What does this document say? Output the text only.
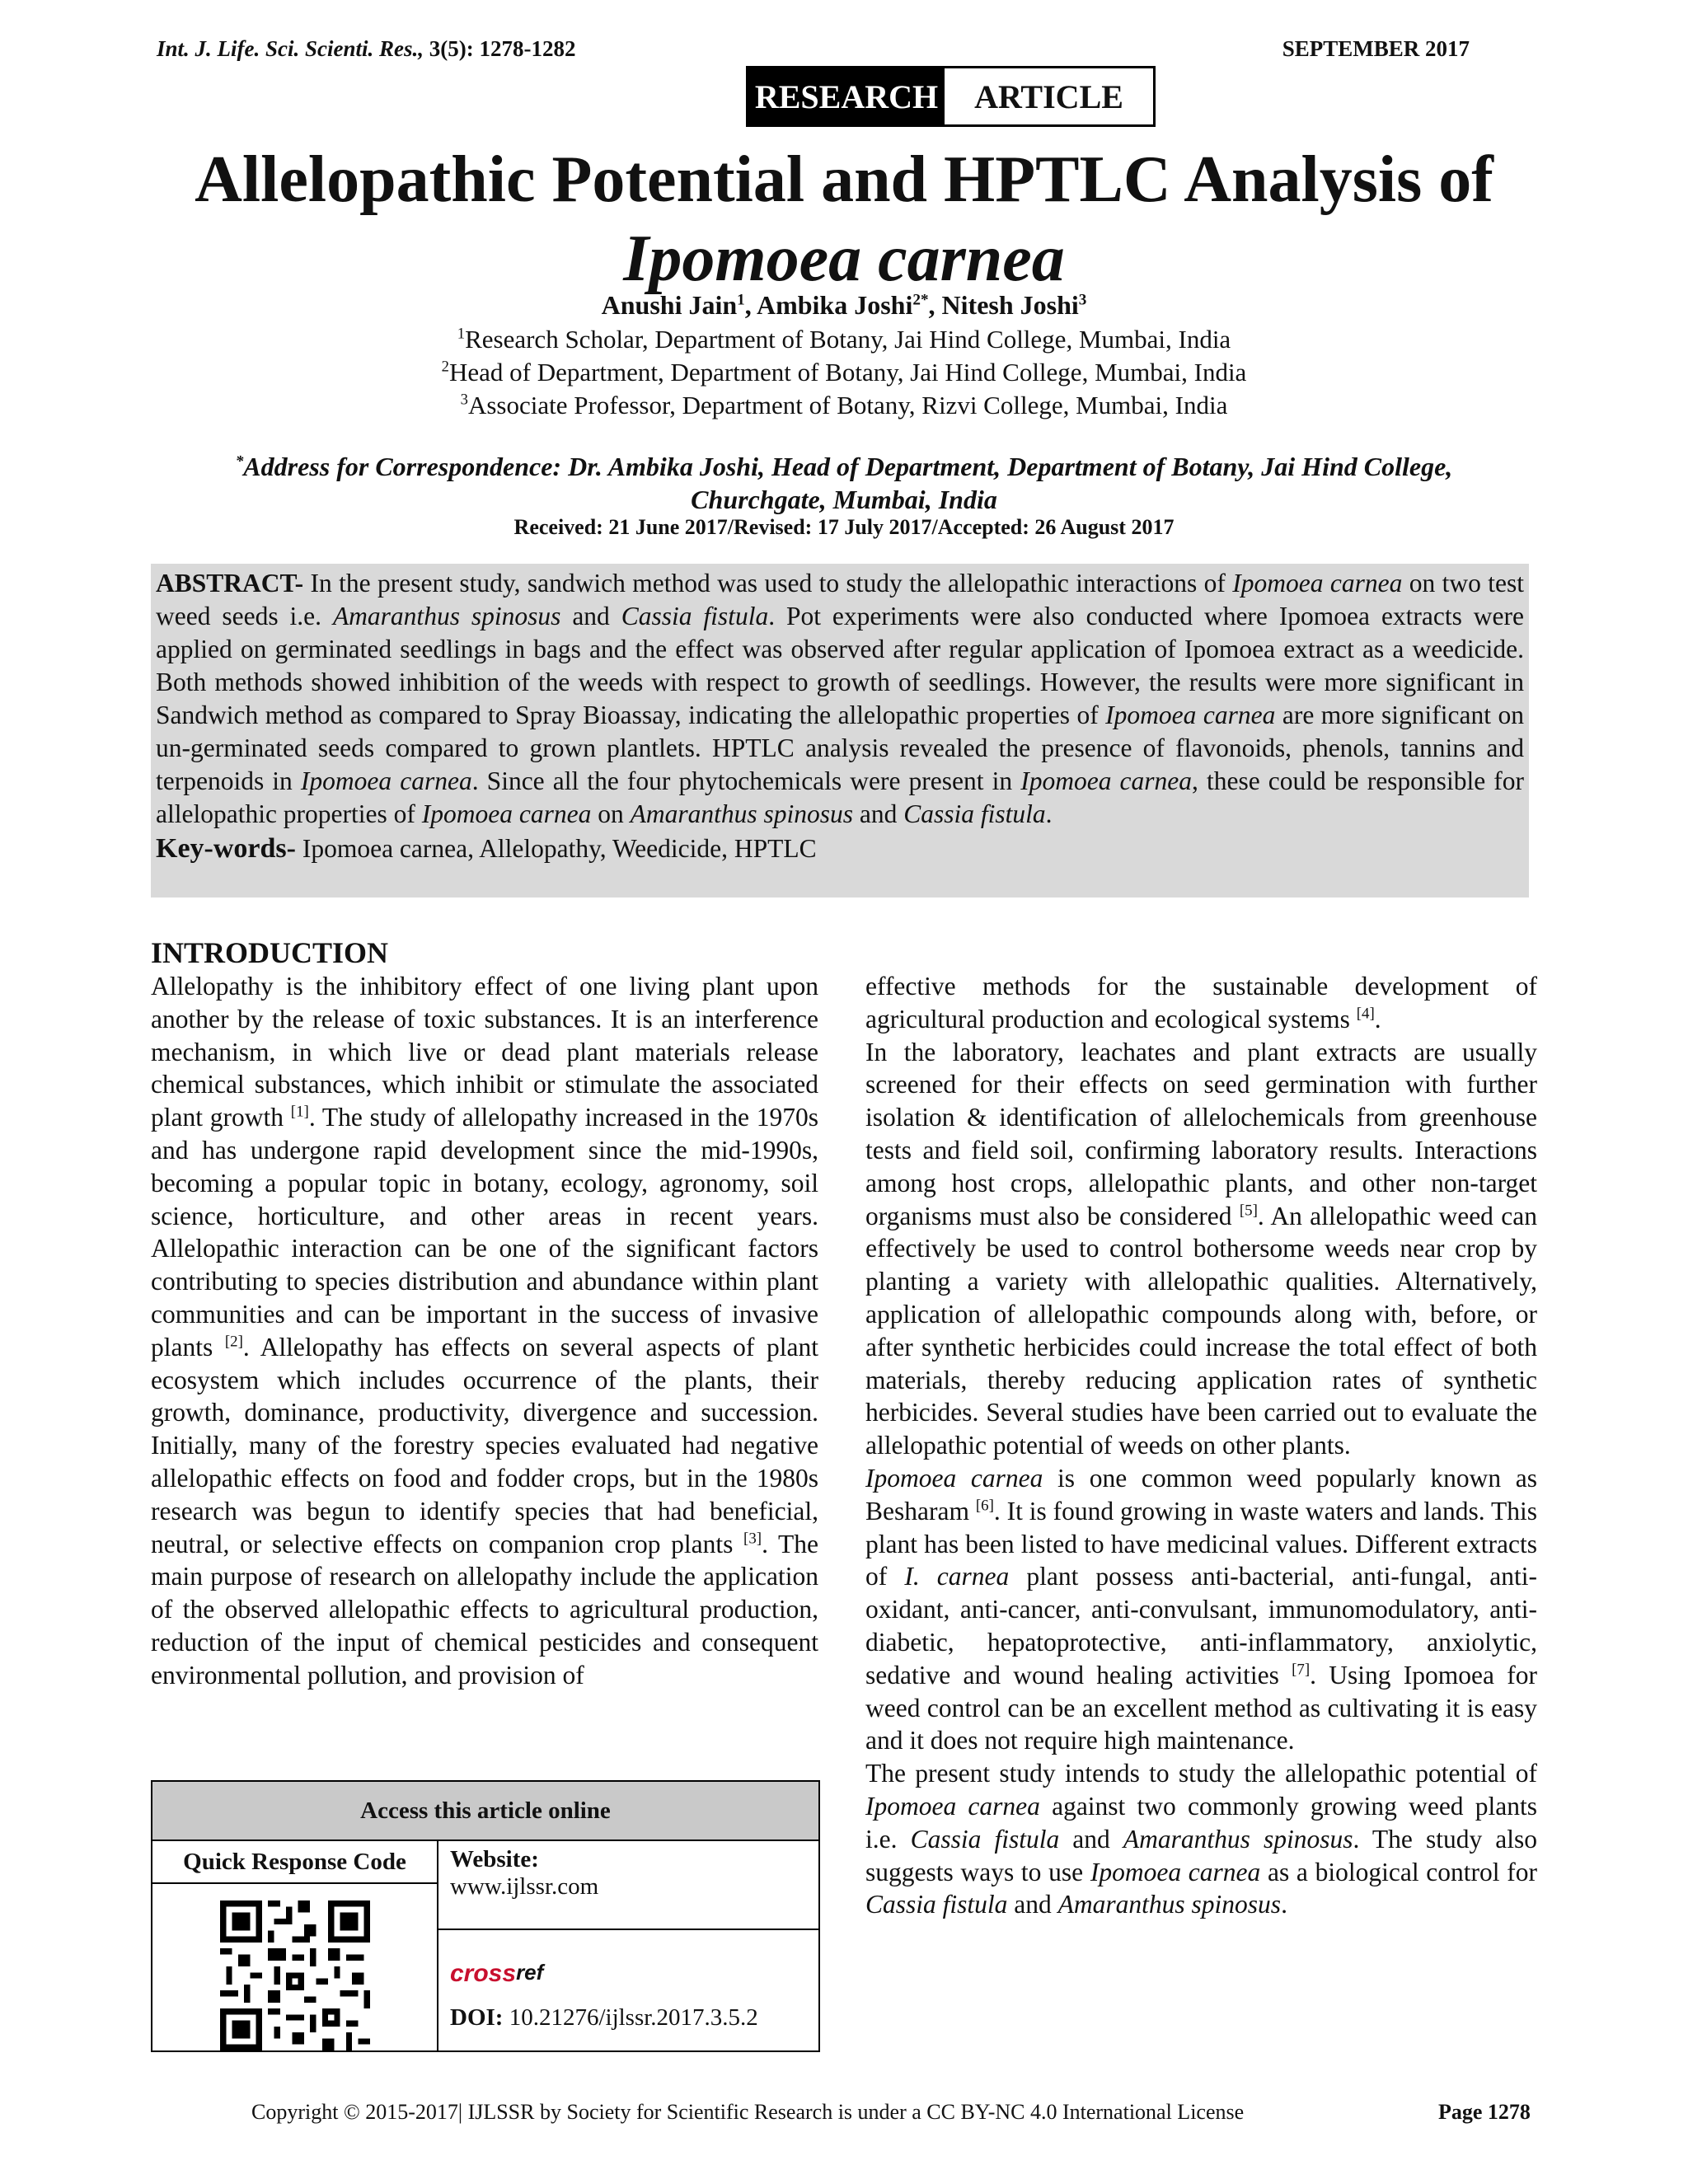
Int. J. Life. Sci. Scienti. Res., 3(5): 1278-1282	SEPTEMBER 2017
RESEARCH	ARTICLE
Allelopathic Potential and HPTLC Analysis of
Ipomoea carnea
Anushi Jain$^1$, Ambika Joshi$^{2*}$, Nitesh Joshi$^3$
$^1$Research Scholar, Department of Botany, Jai Hind College, Mumbai, India
$^2$Head of Department, Department of Botany, Jai Hind College, Mumbai, India
$^3$Associate Professor, Department of Botany, Rizvi College, Mumbai, India
*Address for Correspondence: Dr. Ambika Joshi, Head of Department, Department of Botany, Jai Hind College,
Churchgate, Mumbai, India
Received: 21 June 2017/Revised: 17 July 2017/Accepted: 26 August 2017

ABSTRACT- In the present study, sandwich method was used to study the allelopathic interactions of Ipomoea carnea on two test weed seeds i.e. Amaranthus spinosus and Cassia fistula. Pot experiments were also conducted where Ipomoea extracts were applied on germinated seedlings in bags and the effect was observed after regular application of Ipomoea extract as a weedicide. Both methods showed inhibition of the weeds with respect to growth of seedlings. However, the results were more significant in Sandwich method as compared to Spray Bioassay, indicating the allelopathic properties of Ipomoea carnea are more significant on un-germinated seeds compared to grown plantlets. HPTLC analysis revealed the presence of flavonoids, phenols, tannins and terpenoids in Ipomoea carnea. Since all the four phytochemicals were present in Ipomoea carnea, these could be responsible for allelopathic properties of Ipomoea carnea on Amaranthus spinosus and Cassia fistula.

Key-words- Ipomoea carnea, Allelopathy, Weedicide, HPTLC

INTRODUCTION

Allelopathy is the inhibitory effect of one living plant upon another by the release of toxic substances. It is an interference mechanism, in which live or dead plant materials release chemical substances, which inhibit or stimulate the associated plant growth [1]. The study of allelopathy increased in the 1970s and has undergone rapid development since the mid-1990s, becoming a popular topic in botany, ecology, agronomy, soil science, horticulture, and other areas in recent years. Allelopathic interaction can be one of the significant factors contributing to species distribution and abundance within plant communities and can be important in the success of invasive plants [2]. Allelopathy has effects on several aspects of plant ecosystem which includes occurrence of the plants, their growth, dominance, productivity, divergence and succession. Initially, many of the forestry species evaluated had negative allelopathic effects on food and fodder crops, but in the 1980s research was begun to identify species that had beneficial, neutral, or selective effects on companion crop plants [3]. The main purpose of research on allelopathy include the application of the observed allelopathic effects to agricultural production, reduction of the input of chemical pesticides and consequent environmental pollution, and provision of

effective methods for the sustainable development of agricultural production and ecological systems [4].

In the laboratory, leachates and plant extracts are usually screened for their effects on seed germination with further isolation & identification of allelochemicals from greenhouse tests and field soil, confirming laboratory results. Interactions among host crops, allelopathic plants, and other non-target organisms must also be considered [5]. An allelopathic weed can effectively be used to control bothersome weeds near crop by planting a variety with allelopathic qualities. Alternatively, application of allelopathic compounds along with, before, or after synthetic herbicides could increase the total effect of both materials, thereby reducing application rates of synthetic herbicides. Several studies have been carried out to evaluate the allelopathic potential of weeds on other plants.

Ipomoea carnea is one common weed popularly known as Besharam [6]. It is found growing in waste waters and lands. This plant has been listed to have medicinal values. Different extracts of I. carnea plant possess anti-bacterial, anti-fungal, anti-oxidant, anti-cancer, anti-convulsant, immunomodulatory, anti-diabetic, hepatoprotective, anti-inflammatory, anxiolytic, sedative and wound healing activities [7]. Using Ipomoea for weed control can be an excellent method as cultivating it is easy and it does not require high maintenance.

The present study intends to study the allelopathic potential of Ipomoea carnea against two commonly growing weed plants i.e. Cassia fistula and Amaranthus spinosus. The study also suggests ways to use Ipomoea carnea as a biological control for Cassia fistula and Amaranthus spinosus.

Access this article online
Quick Response Code	Website:
www.ijlssr.com
crossref
DOI: 10.21276/ijlssr.2017.3.5.2
Copyright © 2015-2017| IJLSSR by Society for Scientific Research is under a CC BY-NC 4.0 International License	Page 1278
